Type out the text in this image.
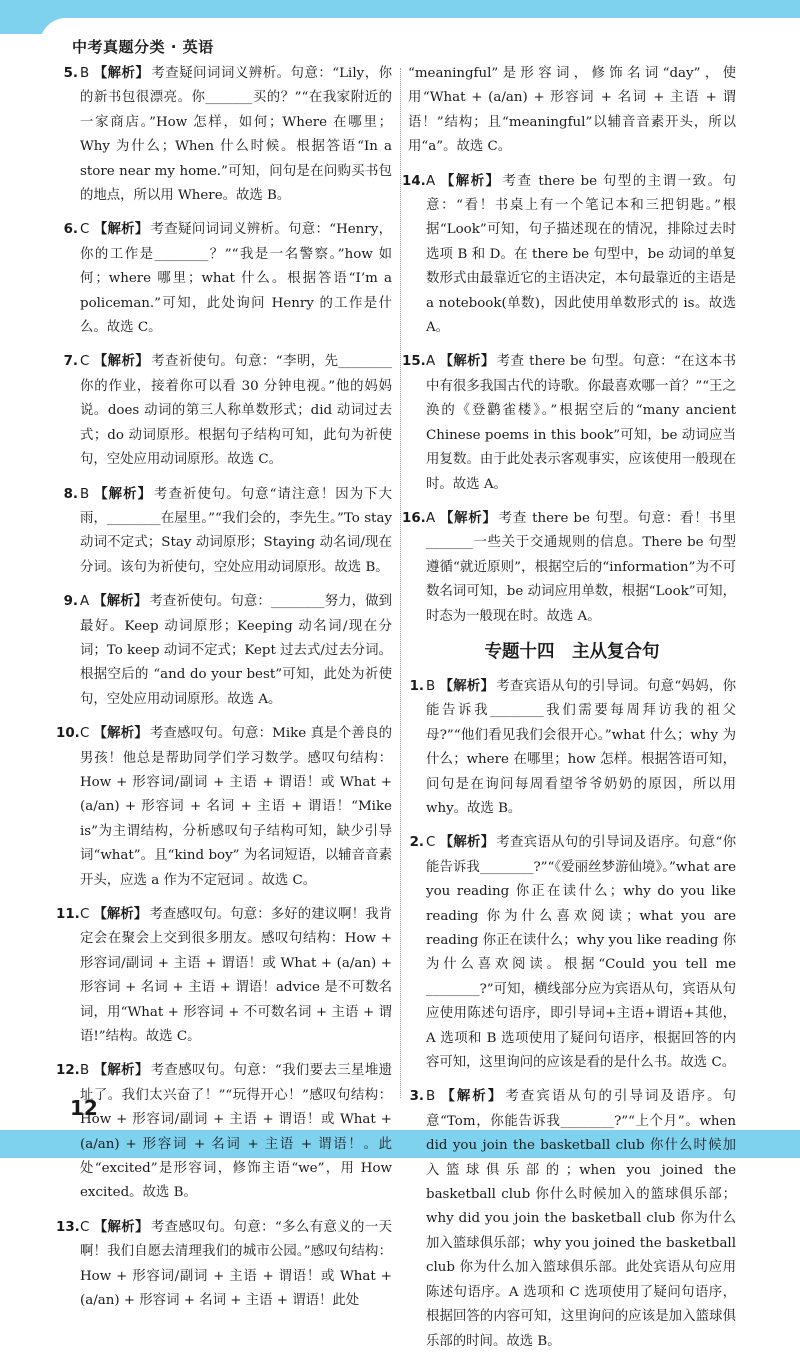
中考真题分类 · 英语
5. B 【解析】 考查疑问词词义辨析。句意：“Lily，你的新书包很漂亮。你_______买的？”“在我家附近的一家商店。”How 怎样，如何；Where 在哪里；Why 为什么；When 什么时候。根据答语“In a store near my home.”可知，问句是在问购买书包的地点，所以用 Where。故选 B。
6. C 【解析】 考查疑问词词义辨析。句意：“Henry，你的工作是________？”“我是一名警察。”how 如何；where 哪里；what 什么。根据答语“I’m a policeman.”可知，此处询问 Henry 的工作是什么。故选 C。
7. C 【解析】 考查祈使句。句意：“李明，先________你的作业，接着你可以看 30 分钟电视。”他的妈妈说。does 动词的第三人称单数形式；did 动词过去式；do 动词原形。根据句子结构可知，此句为祈使句，空处应用动词原形。故选 C。
8. B 【解析】 考查祈使句。句意“请注意！因为下大雨，________在屋里。”“我们会的，李先生。”To stay 动词不定式；Stay 动词原形；Staying 动名词/现在分词。该句为祈使句，空处应用动词原形。故选 B。
9. A 【解析】 考查祈使句。句意：________努力，做到最好。Keep 动词原形；Keeping 动名词/现在分词；To keep 动词不定式；Kept 过去式/过去分词。根据空后的 “and do your best”可知，此处为祈使句，空处应用动词原形。故选 A。
10. C 【解析】 考查感叹句。句意：Mike 真是个善良的男孩！他总是帮助同学们学习数学。感叹句结构：How + 形容词/副词 + 主语 + 谓语！或 What + (a/an) + 形容词 + 名词 + 主语 + 谓语！“Mike is”为主谓结构，分析感叹句子结构可知，缺少引导词“what”。且“kind boy” 为名词短语，以辅音音素开头，应选 a 作为不定冠词 。故选 C。
11. C 【解析】 考查感叹句。句意：多好的建议啊！我肯定会在聚会上交到很多朋友。感叹句结构：How + 形容词/副词 + 主语 + 谓语！或 What + (a/an) + 形容词 + 名词 + 主语 + 谓语！advice 是不可数名词，用“What + 形容词 + 不可数名词 + 主语 + 谓语!”结构。故选 C。
12. B 【解析】 考查感叹句。句意：“我们要去三星堆遗址了。我们太兴奋了！”“玩得开心！”感叹句结构：How + 形容词/副词 + 主语 + 谓语！或 What + (a/an) + 形容词 + 名词 + 主语 + 谓语！。此处“excited”是形容词，修饰主语“we”，用 How excited。故选 B。
13. C 【解析】 考查感叹句。句意：“多么有意义的一天啊！我们自愿去清理我们的城市公园。”感叹句结构：How + 形容词/副词 + 主语 + 谓语！或 What + (a/an) + 形容词 + 名词 + 主语 + 谓语！此处
“meaningful”是形容词，修饰名词“day”，使用“What + (a/an) + 形容词 + 名词 + 主语 + 谓语！”结构；且“meaningful”以辅音音素开头，所以用“a”。故选 C。
14. A 【解析】 考查 there be 句型的主谓一致。句意：“看！书桌上有一个笔记本和三把钥匙。”根据“Look”可知，句子描述现在的情况，排除过去时选项 B 和 D。在 there be 句型中，be 动词的单复数形式由最靠近它的主语决定，本句最靠近的主语是 a notebook(单数)，因此使用单数形式的 is。故选 A。
15. A 【解析】 考查 there be 句型。句意：“在这本书中有很多我国古代的诗歌。你最喜欢哪一首？”“王之涣的《登鹳雀楼》。”根据空后的“many ancient Chinese poems in this book”可知，be 动词应当用复数。由于此处表示客观事实，应该使用一般现在时。故选 A。
16. A 【解析】 考查 there be 句型。句意：看！书里_______一些关于交通规则的信息。There be 句型遵循“就近原则”，根据空后的“information”为不可数名词可知，be 动词应用单数，根据“Look”可知，时态为一般现在时。故选 A。
专题十四　主从复合句
1. B 【解析】 考查宾语从句的引导词。句意“妈妈，你能告诉我________我们需要每周拜访我的祖父母?”“他们看见我们会很开心。”what 什么；why 为什么；where 在哪里；how 怎样。根据答语可知，问句是在询问每周看望爷爷奶奶的原因，所以用 why。故选 B。
2. C 【解析】 考查宾语从句的引导词及语序。句意“你能告诉我________?”“《爱丽丝梦游仙境》。”what are you reading 你正在读什么；why do you like reading 你为什么喜欢阅读；what you are reading 你正在读什么；why you like reading 你为什么喜欢阅读。根据“Could you tell me ________?”可知，横线部分应为宾语从句，宾语从句应使用陈述句语序，即引导词+主语+谓语+其他，A 选项和 B 选项使用了疑问句语序，根据回答的内容可知，这里询问的应该是看的是什么书。故选 C。
3. B 【解析】 考查宾语从句的引导词及语序。句意“Tom，你能告诉我________?”“上个月”。when did you join the basketball club 你什么时候加入篮球俱乐部的；when you joined the basketball club 你什么时候加入的篮球俱乐部；why did you join the basketball club 你为什么加入篮球俱乐部；why you joined the basketball club 你为什么加入篮球俱乐部。此处宾语从句应用陈述句语序。A 选项和 C 选项使用了疑问句语序，根据回答的内容可知，这里询问的应该是加入篮球俱乐部的时间。故选 B。
12
